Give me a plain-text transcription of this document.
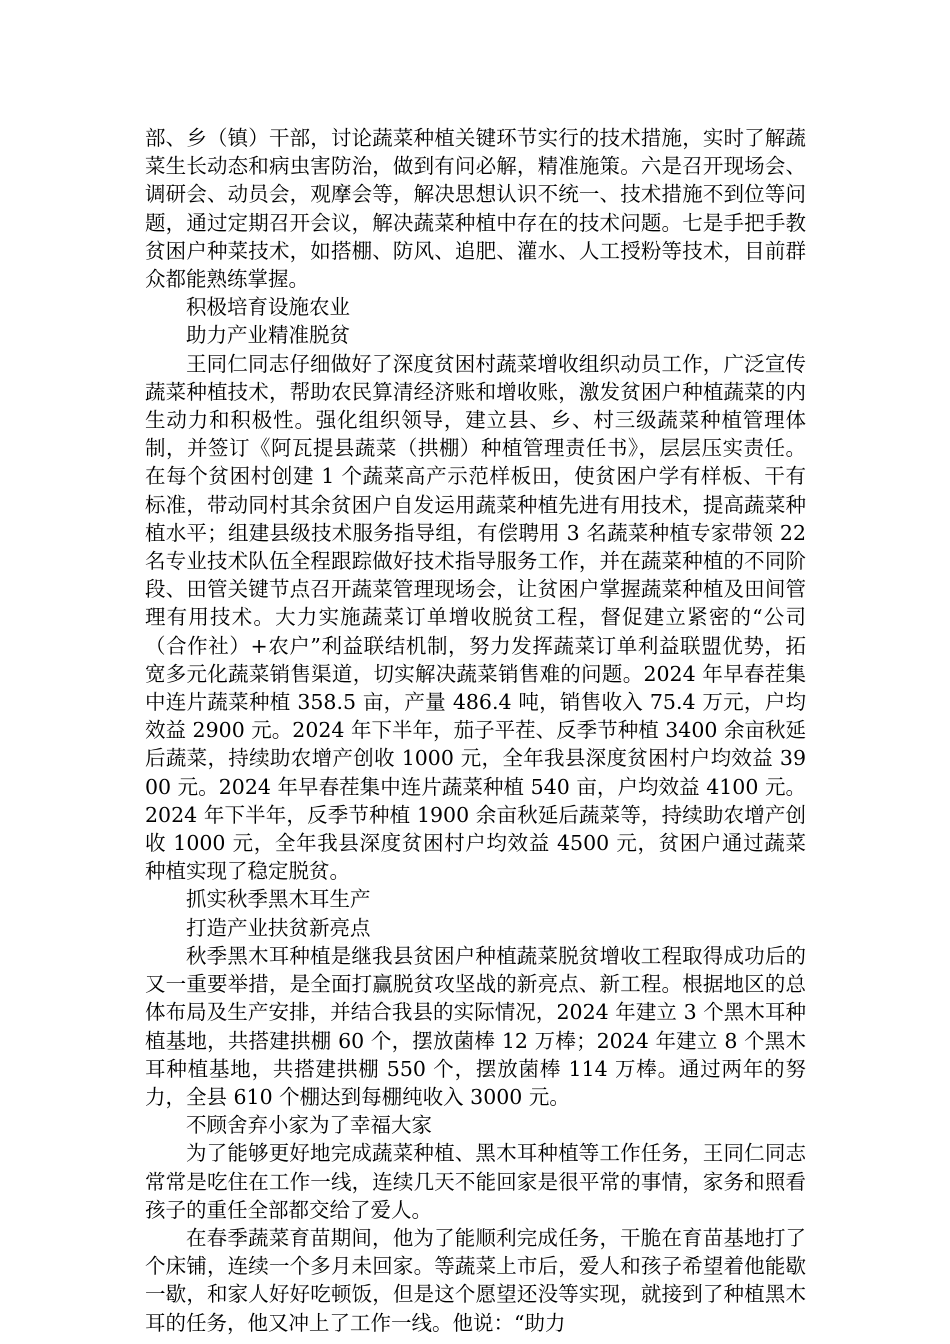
部、乡（镇）干部，讨论蔬菜种植关键环节实行的技术措施，实时了解蔬菜生长动态和病虫害防治，做到有问必解，精准施策。六是召开现场会、调研会、动员会，观摩会等，解决思想认识不统一、技术措施不到位等问题，通过定期召开会议，解决蔬菜种植中存在的技术问题。七是手把手教贫困户种菜技术，如搭棚、防风、追肥、灌水、人工授粉等技术，目前群众都能熟练掌握。

积极培育设施农业

助力产业精准脱贫

王同仁同志仔细做好了深度贫困村蔬菜增收组织动员工作，广泛宣传蔬菜种植技术，帮助农民算清经济账和增收账，激发贫困户种植蔬菜的内生动力和积极性。强化组织领导，建立县、乡、村三级蔬菜种植管理体制，并签订《阿瓦提县蔬菜（拱棚）种植管理责任书》，层层压实责任。在每个贫困村创建 1 个蔬菜高产示范样板田，使贫困户学有样板、干有标准，带动同村其余贫困户自发运用蔬菜种植先进有用技术，提高蔬菜种植水平；组建县级技术服务指导组，有偿聘用 3 名蔬菜种植专家带领 22 名专业技术队伍全程跟踪做好技术指导服务工作，并在蔬菜种植的不同阶段、田管关键节点召开蔬菜管理现场会，让贫困户掌握蔬菜种植及田间管理有用技术。大力实施蔬菜订单增收脱贫工程，督促建立紧密的“公司（合作社）+农户”利益联结机制，努力发挥蔬菜订单利益联盟优势，拓宽多元化蔬菜销售渠道，切实解决蔬菜销售难的问题。2024 年早春茬集中连片蔬菜种植 358.5 亩，产量 486.4 吨，销售收入 75.4 万元，户均效益 2900 元。2024 年下半年，茄子平茬、反季节种植 3400 余亩秋延后蔬菜，持续助农增产创收 1000 元，全年我县深度贫困村户均效益 3900 元。2024 年早春茬集中连片蔬菜种植 540 亩，户均效益 4100 元。2024 年下半年，反季节种植 1900 余亩秋延后蔬菜等，持续助农增产创收 1000 元，全年我县深度贫困村户均效益 4500 元，贫困户通过蔬菜种植实现了稳定脱贫。

抓实秋季黑木耳生产

打造产业扶贫新亮点

秋季黑木耳种植是继我县贫困户种植蔬菜脱贫增收工程取得成功后的又一重要举措，是全面打赢脱贫攻坚战的新亮点、新工程。根据地区的总体布局及生产安排，并结合我县的实际情况，2024 年建立 3 个黑木耳种植基地，共搭建拱棚 60 个，摆放菌棒 12 万棒；2024 年建立 8 个黑木耳种植基地，共搭建拱棚 550 个，摆放菌棒 114 万棒。通过两年的努力，全县 610 个棚达到每棚纯收入 3000 元。

不顾舍弃小家为了幸福大家

为了能够更好地完成蔬菜种植、黑木耳种植等工作任务，王同仁同志常常是吃住在工作一线，连续几天不能回家是很平常的事情，家务和照看孩子的重任全部都交给了爱人。

在春季蔬菜育苗期间，他为了能顺利完成任务，干脆在育苗基地打了个床铺，连续一个多月未回家。等蔬菜上市后，爱人和孩子希望着他能歇一歇，和家人好好吃顿饭，但是这个愿望还没等实现，就接到了种植黑木耳的任务，他又冲上了工作一线。他说：“助力
